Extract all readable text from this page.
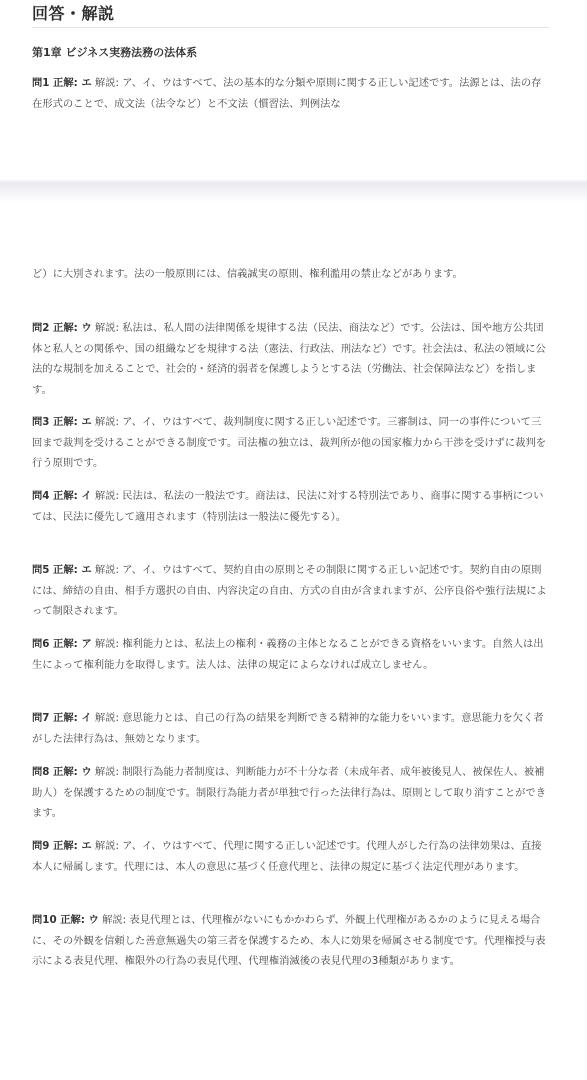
回答・解説
第1章 ビジネス実務法務の法体系
問1 正解: エ 解説: ア、イ、ウはすべて、法の基本的な分類や原則に関する正しい記述です。法源とは、法の存在形式のことで、成文法（法令など）と不文法（慣習法、判例法な
ど）に大別されます。法の一般原則には、信義誠実の原則、権利濫用の禁止などがあります。
問2 正解: ウ 解説: 私法は、私人間の法律関係を規律する法（民法、商法など）です。公法は、国や地方公共団体と私人との関係や、国の組織などを規律する法（憲法、行政法、刑法など）です。社会法は、私法の領域に公法的な規制を加えることで、社会的・経済的弱者を保護しようとする法（労働法、社会保障法など）を指します。
問3 正解: エ 解説: ア、イ、ウはすべて、裁判制度に関する正しい記述です。三審制は、同一の事件について三回まで裁判を受けることができる制度です。司法権の独立は、裁判所が他の国家権力から干渉を受けずに裁判を行う原則です。
問4 正解: イ 解説: 民法は、私法の一般法です。商法は、民法に対する特別法であり、商事に関する事柄については、民法に優先して適用されます（特別法は一般法に優先する）。
問5 正解: エ 解説: ア、イ、ウはすべて、契約自由の原則とその制限に関する正しい記述です。契約自由の原則には、締結の自由、相手方選択の自由、内容決定の自由、方式の自由が含まれますが、公序良俗や強行法規によって制限されます。
問6 正解: ア 解説: 権利能力とは、私法上の権利・義務の主体となることができる資格をいいます。自然人は出生によって権利能力を取得します。法人は、法律の規定によらなければ成立しません。
問7 正解: イ 解説: 意思能力とは、自己の行為の結果を判断できる精神的な能力をいいます。意思能力を欠く者がした法律行為は、無効となります。
問8 正解: ウ 解説: 制限行為能力者制度は、判断能力が不十分な者（未成年者、成年被後見人、被保佐人、被補助人）を保護するための制度です。制限行為能力者が単独で行った法律行為は、原則として取り消すことができます。
問9 正解: エ 解説: ア、イ、ウはすべて、代理に関する正しい記述です。代理人がした行為の法律効果は、直接本人に帰属します。代理には、本人の意思に基づく任意代理と、法律の規定に基づく法定代理があります。
問10 正解: ウ 解説: 表見代理とは、代理権がないにもかかわらず、外観上代理権があるかのように見える場合に、その外観を信頼した善意無過失の第三者を保護するため、本人に効果を帰属させる制度です。代理権授与表示による表見代理、権限外の行為の表見代理、代理権消滅後の表見代理の3種類があります。
